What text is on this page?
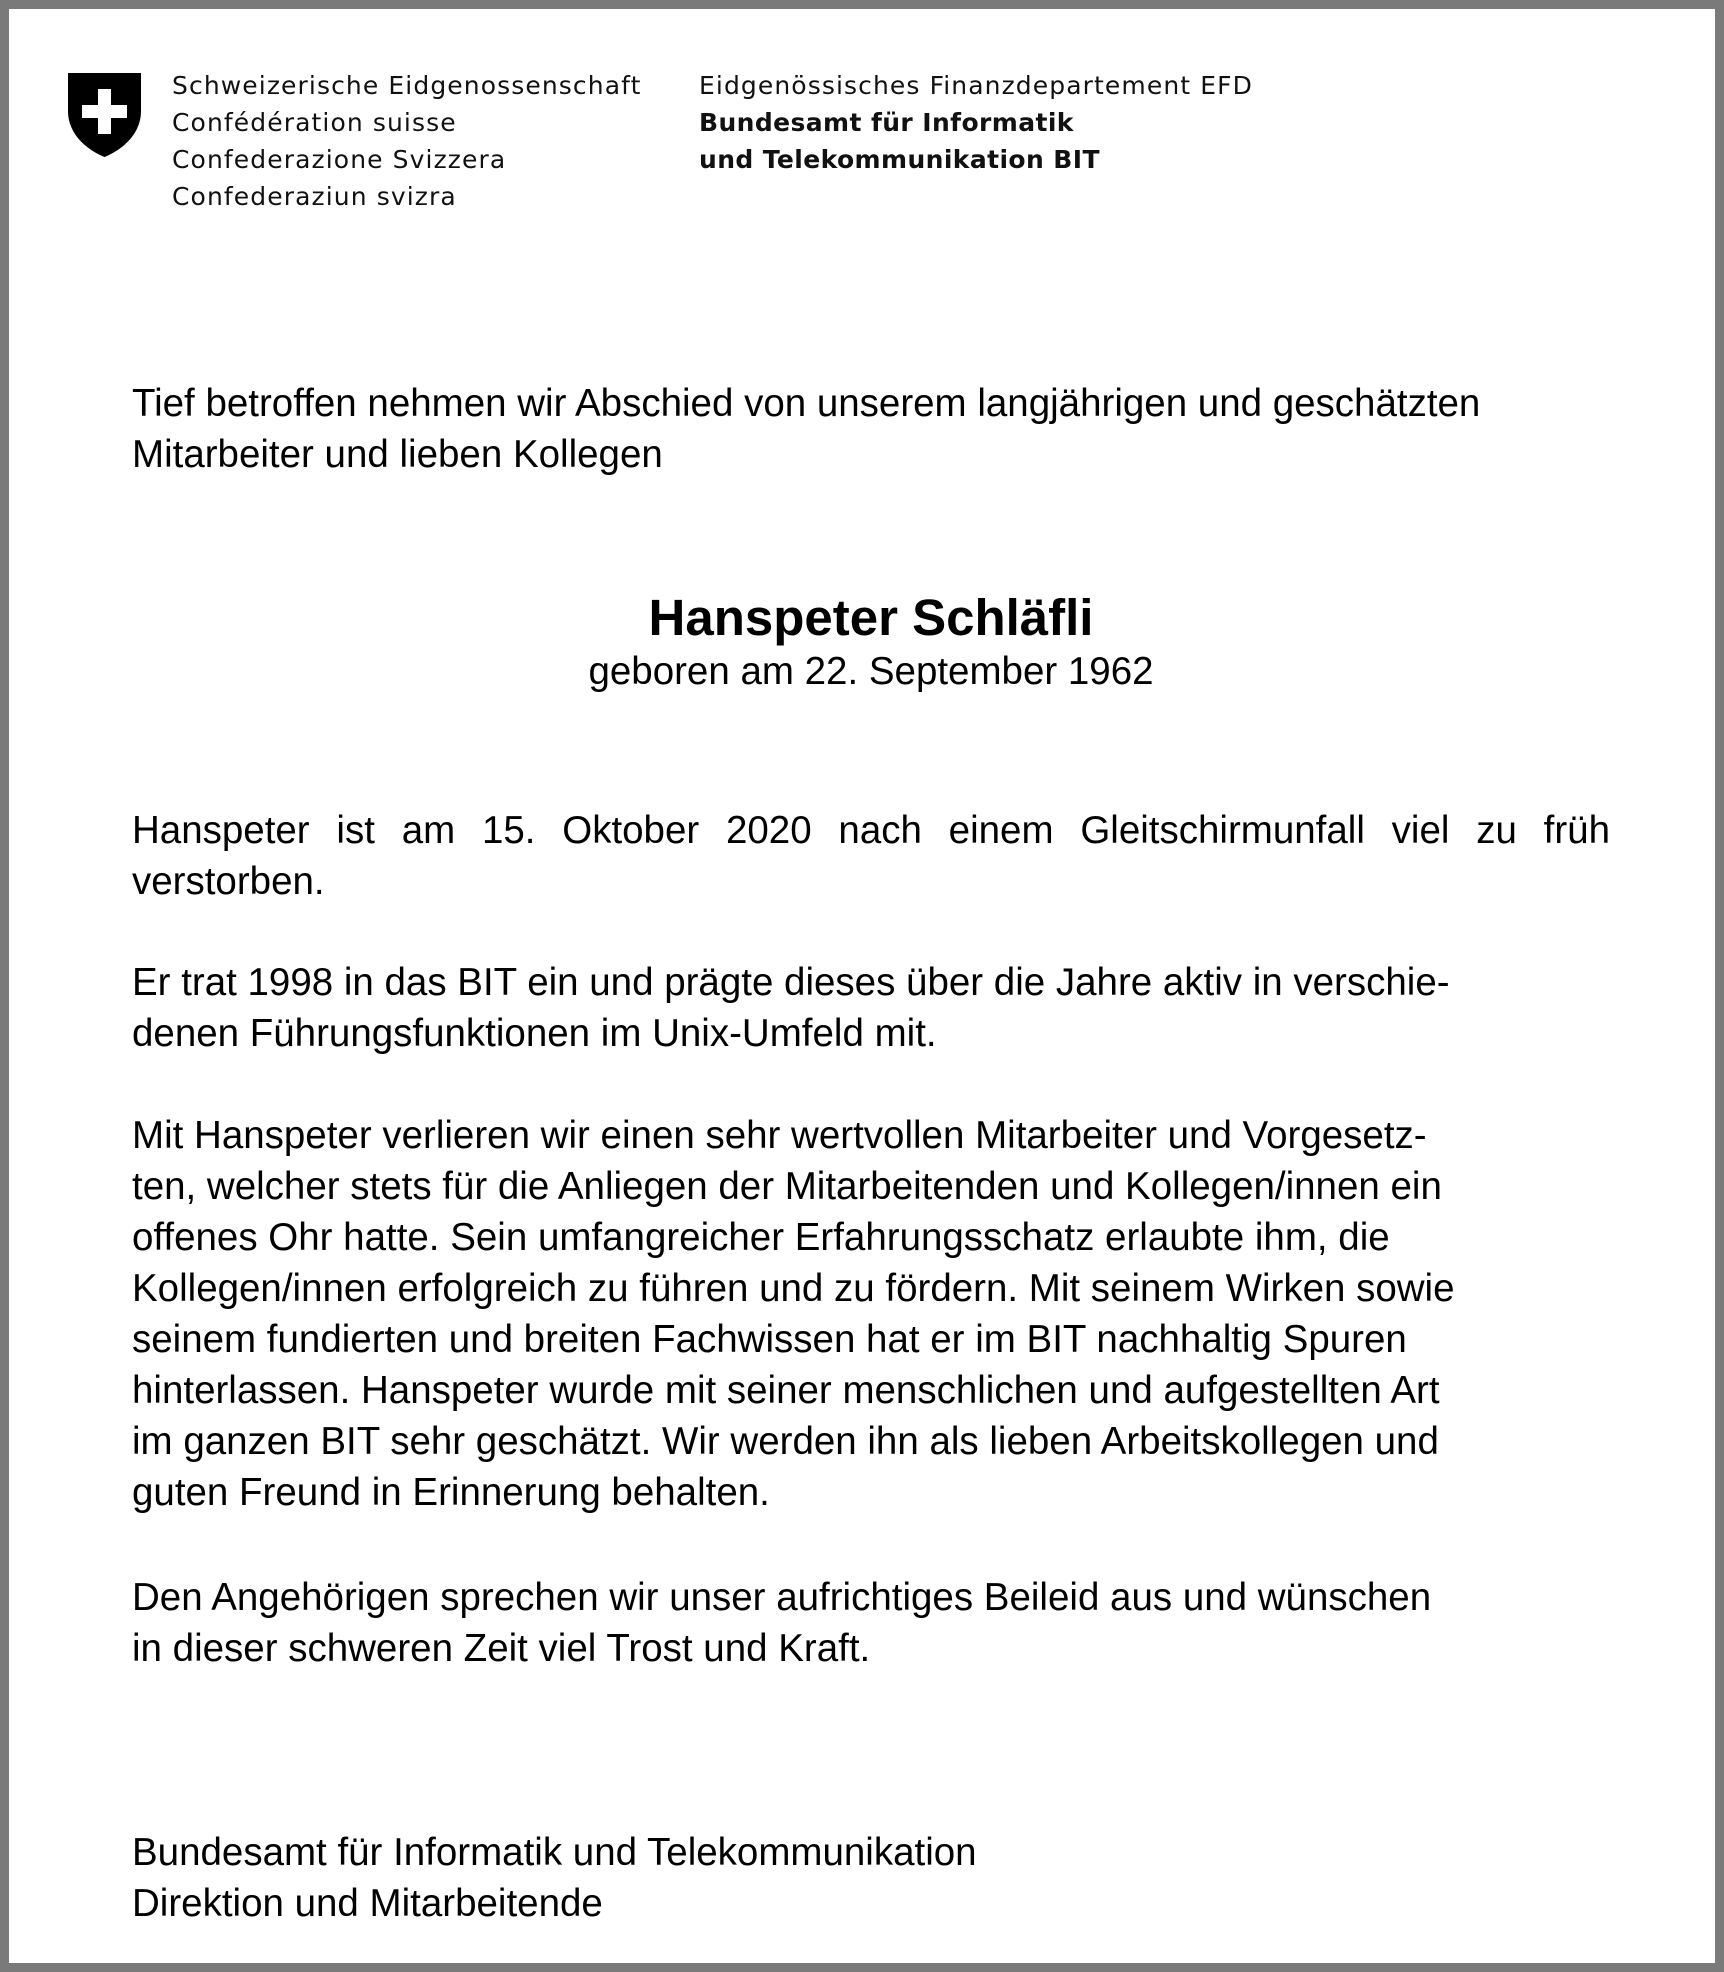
Schweizerische Eidgenossenschaft
Confédération suisse
Confederazione Svizzera
Confederaziun svizra
Eidgenössisches Finanzdepartement EFD
Bundesamt für Informatik
und Telekommunikation BIT
Tief betroffen nehmen wir Abschied von unserem langjährigen und geschätzten
Mitarbeiter und lieben Kollegen
Hanspeter Schläfli
geboren am 22. September 1962
Hanspeter ist am 15. Oktober 2020 nach einem Gleitschirmunfall viel zu früh verstorben.
Er trat 1998 in das BIT ein und prägte dieses über die Jahre aktiv in verschie-
denen Führungsfunktionen im Unix-Umfeld mit.
Mit Hanspeter verlieren wir einen sehr wertvollen Mitarbeiter und Vorgesetz-
ten, welcher stets für die Anliegen der Mitarbeitenden und Kollegen/innen ein
offenes Ohr hatte. Sein umfangreicher Erfahrungsschatz erlaubte ihm, die
Kollegen/innen erfolgreich zu führen und zu fördern. Mit seinem Wirken sowie
seinem fundierten und breiten Fachwissen hat er im BIT nachhaltig Spuren
hinterlassen. Hanspeter wurde mit seiner menschlichen und aufgestellten Art
im ganzen BIT sehr geschätzt. Wir werden ihn als lieben Arbeitskollegen und
guten Freund in Erinnerung behalten.
Den Angehörigen sprechen wir unser aufrichtiges Beileid aus und wünschen
in dieser schweren Zeit viel Trost und Kraft.
Bundesamt für Informatik und Telekommunikation
Direktion und Mitarbeitende
